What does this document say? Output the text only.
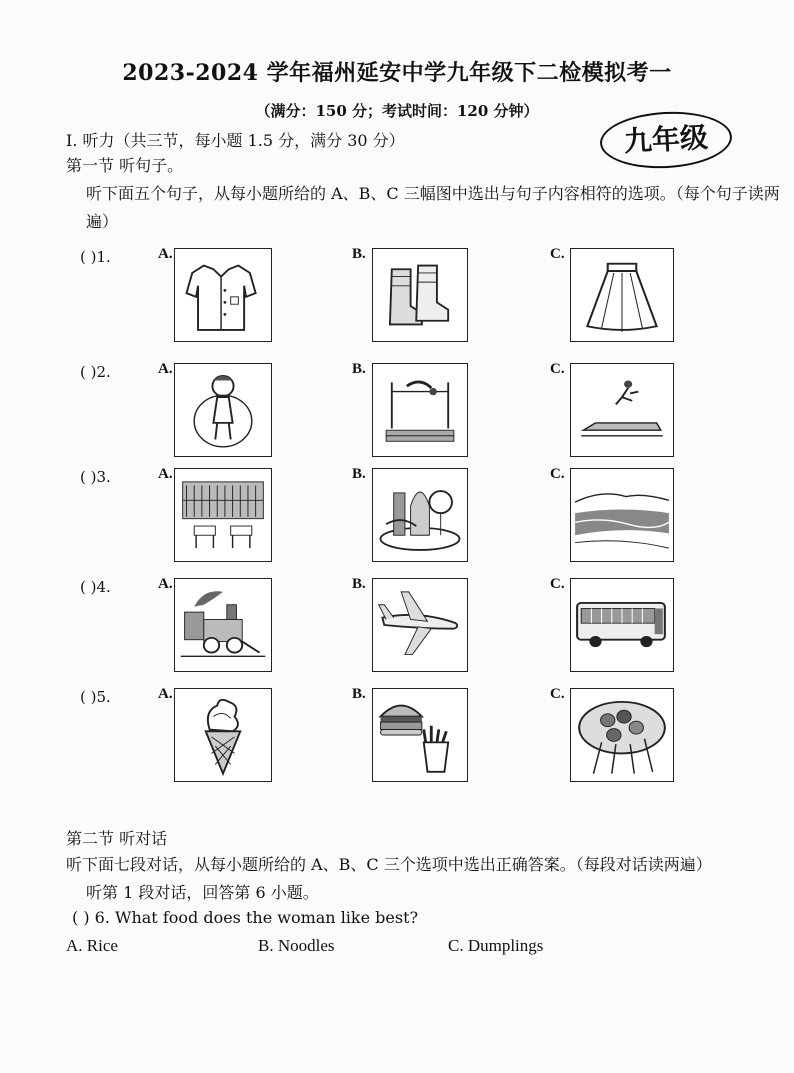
2023-2024 学年福州延安中学九年级下二检模拟考一
（满分：150 分；考试时间：120 分钟）
九年级
Ⅰ. 听力（共三节，每小题 1.5 分，满分 30 分）
第一节 听句子。
听下面五个句子，从每小题所给的 A、B、C 三幅图中选出与句子内容相符的选项。（每个句子读两遍）
( )1.	A.	B.	C.
( )2.	A.	B.	C.
( )3.	A.	B.	C.
( )4.	A.	B.	C.
( )5.	A.	B.	C.
第二节 听对话
听下面七段对话，从每小题所给的 A、B、C 三个选项中选出正确答案。（每段对话读两遍）
听第 1 段对话，回答第 6 小题。
( ) 6. What food does the woman like best?
A. Rice	B. Noodles	C. Dumplings
